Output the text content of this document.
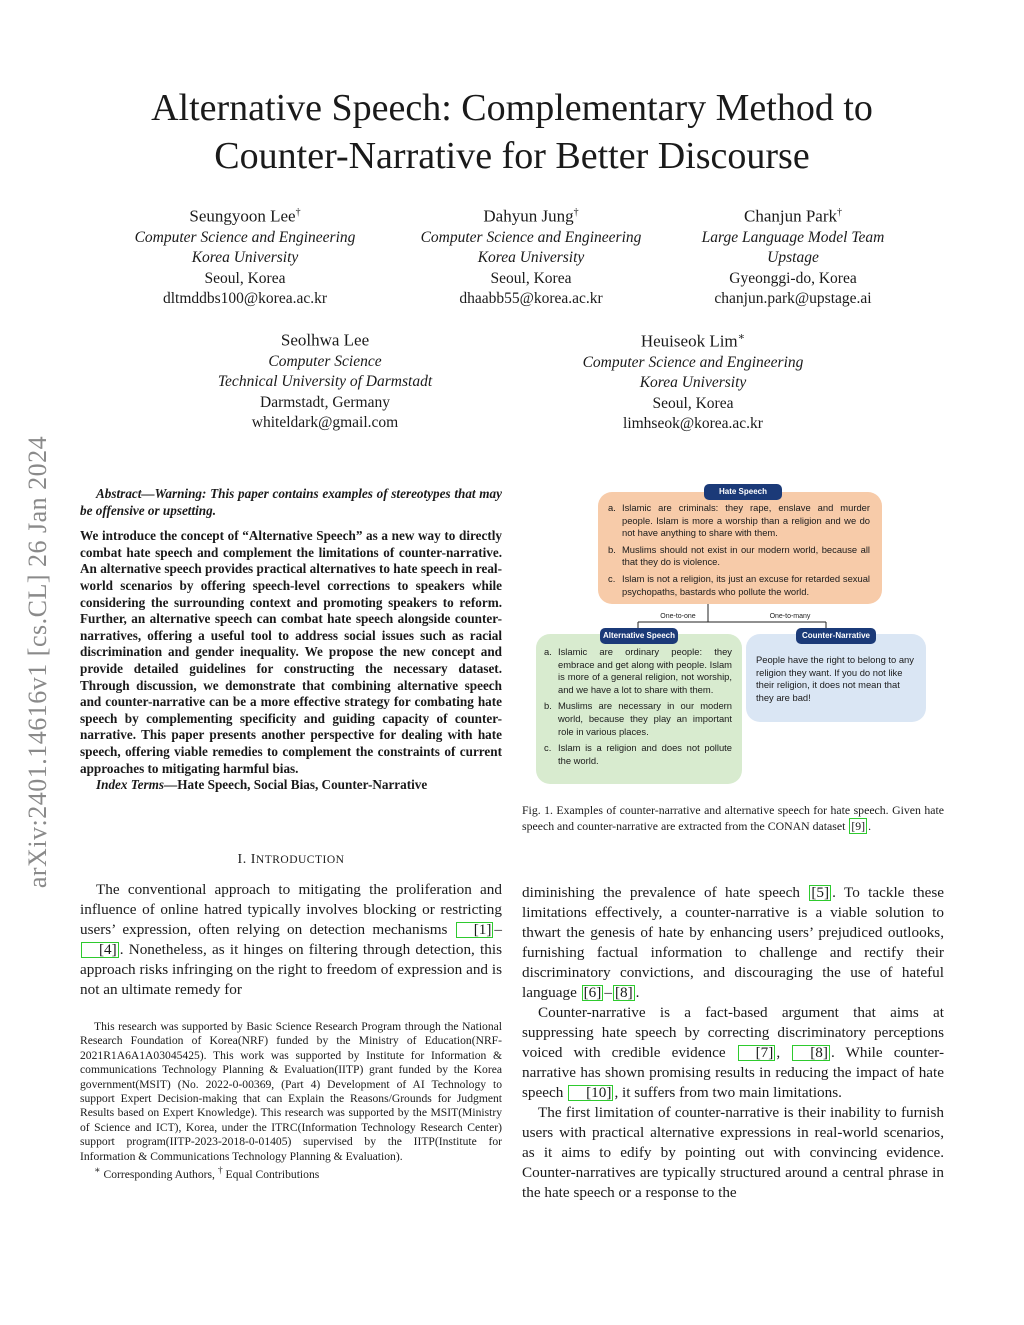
arXiv:2401.14616v1 [cs.CL] 26 Jan 2024
Alternative Speech: Complementary Method to
Counter-Narrative for Better Discourse
Seungyoon Lee†
Computer Science and Engineering
Korea University
Seoul, Korea
dltmddbs100@korea.ac.kr
Dahyun Jung†
Computer Science and Engineering
Korea University
Seoul, Korea
dhaabb55@korea.ac.kr
Chanjun Park†
Large Language Model Team
Upstage
Gyeonggi-do, Korea
chanjun.park@upstage.ai
Seolhwa Lee
Computer Science
Technical University of Darmstadt
Darmstadt, Germany
whiteldark@gmail.com
Heuiseok Lim∗
Computer Science and Engineering
Korea University
Seoul, Korea
limhseok@korea.ac.kr

Abstract—Warning: This paper contains examples of stereotypes that may be offensive or upsetting.

We introduce the concept of “Alternative Speech” as a new way to directly combat hate speech and complement the limitations of counter-narrative. An alternative speech provides practical alternatives to hate speech in real-world scenarios by offering speech-level corrections to speakers while considering the surrounding context and promoting speakers to reform. Further, an alternative speech can combat hate speech alongside counter-narratives, offering a useful tool to address social issues such as racial discrimination and gender inequality. We propose the new concept and provide detailed guidelines for constructing the necessary dataset. Through discussion, we demonstrate that combining alternative speech and counter-narrative can be a more effective strategy for combating hate speech by complementing specificity and guiding capacity of counter-narrative. This paper presents another perspective for dealing with hate speech, offering viable remedies to complement the constraints of current approaches to mitigating harmful bias.

Index Terms—Hate Speech, Social Bias, Counter-Narrative

I. INTRODUCTION

The conventional approach to mitigating the proliferation and influence of online hatred typically involves blocking or restricting users’ expression, often relying on detection mechanisms [1] –[4] . Nonetheless, as it hinges on filtering through detection, this approach risks infringing on the right to freedom of expression and is not an ultimate remedy for

This research was supported by Basic Science Research Program through the National Research Foundation of Korea(NRF) funded by the Ministry of Education(NRF-2021R1A6A1A03045425). This work was supported by Institute for Information & communications Technology Planning & Evaluation(IITP) grant funded by the Korea government(MSIT) (No. 2022-0-00369, (Part 4) Development of AI Technology to support Expert Decision-making that can Explain the Reasons/Grounds for Judgment Results based on Expert Knowledge). This research was supported by the MSIT(Ministry of Science and ICT), Korea, under the ITRC(Information Technology Research Center) support program(IITP-2023-2018-0-01405) supervised by the IITP(Institute for Information & Communications Technology Planning & Evaluation).

∗ Corresponding Authors, † Equal Contributions

a. Islamic are criminals: they rape, enslave and murder people. Islam is more a worship than a religion and we do not have anything to share with them.
b. Muslims should not exist in our modern world, because all that they do is violence.
c. Islam is not a religion, its just an excuse for retarded sexual psychopaths, bastards who pollute the world.
Hate Speech
One-to-one	One-to-many
a. Islamic are ordinary people: they embrace and get along with people. Islam is more of a general religion, not worship, and we have a lot to share with them.
b. Muslims are necessary in our modern world, because they play an important role in various places.
c. Islam is a religion and does not pollute the world.
Alternative Speech
People have the right to belong to any religion they want. If you do not like their religion, it does not mean that they are bad!
Counter-Narrative
Fig. 1. Examples of counter-narrative and alternative speech for hate speech. Given hate speech and counter-narrative are extracted from the CONAN dataset [9] .

diminishing the prevalence of hate speech [5] . To tackle these limitations effectively, a counter-narrative is a viable solution to thwart the genesis of hate by enhancing users’ prejudiced outlooks, furnishing factual information to challenge and rectify their discriminatory convictions, and discouraging the use of hateful language [6] – [8] .

Counter-narrative is a fact-based argument that aims at suppressing hate speech by correcting discriminatory perceptions voiced with credible evidence [7] , [8] . While counter-narrative has shown promising results in reducing the impact of hate speech [10] , it suffers from two main limitations.

The first limitation of counter-narrative is their inability to furnish users with practical alternative expressions in real-world scenarios, as it aims to edify by pointing out with convincing evidence. Counter-narratives are typically structured around a central phrase in the hate speech or a response to the
